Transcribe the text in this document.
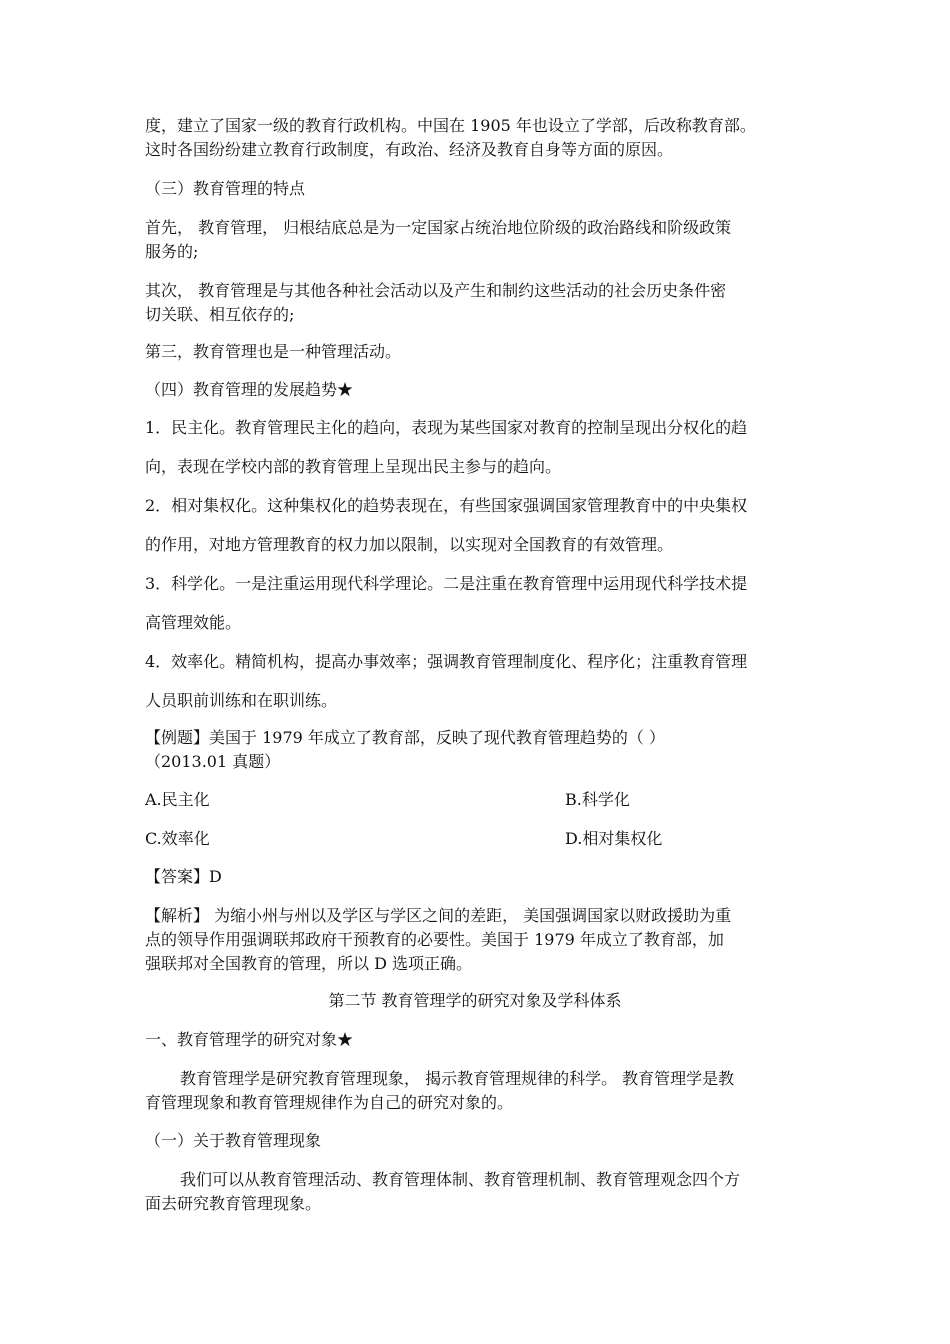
度，建立了国家一级的教育行政机构。中国在 1905 年也设立了学部，后改称教育部。

这时各国纷纷建立教育行政制度，有政治、经济及教育自身等方面的原因。

（三）教育管理的特点

首先， 教育管理， 归根结底总是为一定国家占统治地位阶级的政治路线和阶级政策

服务的;

其次， 教育管理是与其他各种社会活动以及产生和制约这些活动的社会历史条件密

切关联、相互依存的;

第三，教育管理也是一种管理活动。

（四）教育管理的发展趋势★

1．民主化。教育管理民主化的趋向，表现为某些国家对教育的控制呈现出分权化的趋

向，表现在学校内部的教育管理上呈现出民主参与的趋向。

2．相对集权化。这种集权化的趋势表现在，有些国家强调国家管理教育中的中央集权

的作用，对地方管理教育的权力加以限制，以实现对全国教育的有效管理。

3．科学化。一是注重运用现代科学理论。二是注重在教育管理中运用现代科学技术提

高管理效能。

4．效率化。精简机构，提高办事效率；强调教育管理制度化、程序化；注重教育管理

人员职前训练和在职训练。

【例题】美国于 1979 年成立了教育部，反映了现代教育管理趋势的（ ）

（2013.01 真题）

A.民主化	B.科学化

C.效率化	D.相对集权化

【答案】D

【解析】 为缩小州与州以及学区与学区之间的差距， 美国强调国家以财政援助为重

点的领导作用强调联邦政府干预教育的必要性。美国于 1979 年成立了教育部，加

强联邦对全国教育的管理，所以 D 选项正确。

第二节 教育管理学的研究对象及学科体系

一、教育管理学的研究对象★

教育管理学是研究教育管理现象， 揭示教育管理规律的科学。 教育管理学是教

育管理现象和教育管理规律作为自己的研究对象的。

（一）关于教育管理现象

我们可以从教育管理活动、教育管理体制、教育管理机制、教育管理观念四个方

面去研究教育管理现象。
